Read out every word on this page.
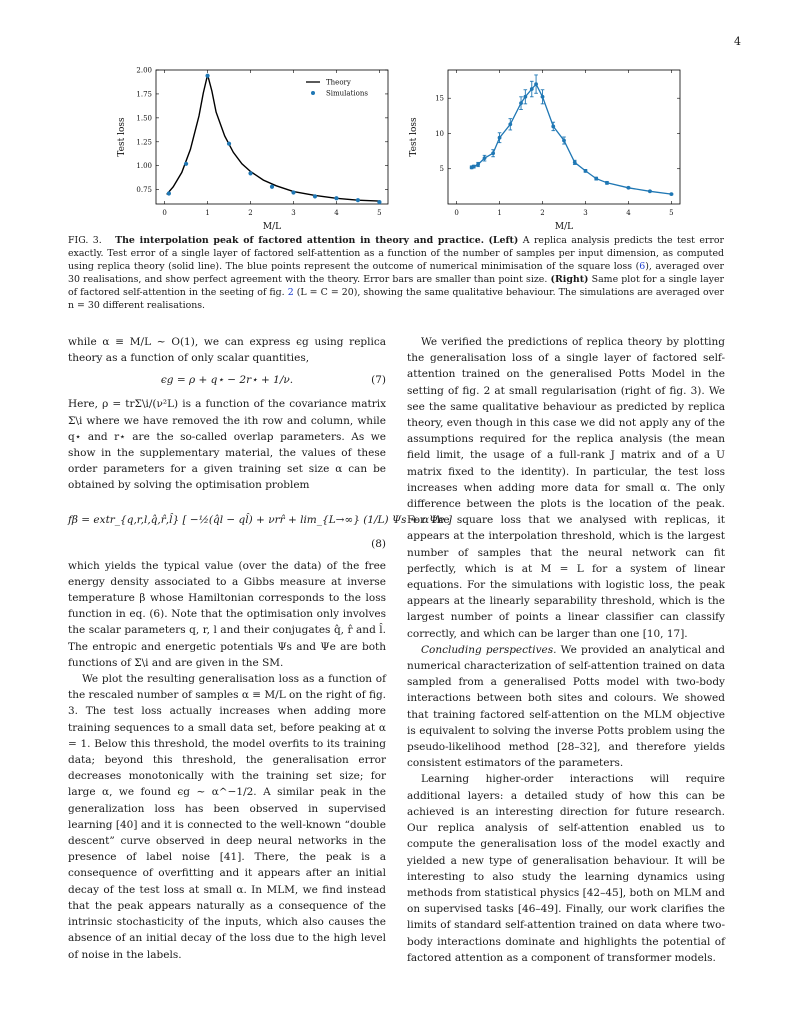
4
0	1	2	3	4	5
0.75
1.00
1.25
1.50
1.75
2.00
M/L
Test loss
Theory
Simulations
0	1	2	3	4	5
5
10
15
M/L
Test loss
FIG. 3. The interpolation peak of factored attention in theory and practice. (Left) A replica analysis predicts the test error exactly. Test error of a single layer of factored self-attention as a function of the number of samples per input dimension, as computed using replica theory (solid line). The blue points represent the outcome of numerical minimisation of the square loss (6), averaged over 30 realisations, and show perfect agreement with the theory. Error bars are smaller than point size. (Right) Same plot for a single layer of factored self-attention in the seeting of fig. 2 (L = C = 20), showing the same qualitative behaviour. The simulations are averaged over n = 30 different realisations.

while α ≡ M/L ∼ O(1), we can express ϵg using replica theory as a function of only scalar quantities,

ϵg = ρ + q⋆ − 2r⋆ + 1/ν.	(7)

Here, ρ = trΣ\i/(ν²L) is a function of the covariance matrix Σ\i where we have removed the ith row and column, while q⋆ and r⋆ are the so-called overlap parameters. As we show in the supplementary material, the values of these order parameters for a given training set size α can be obtained by solving the optimisation problem

fβ = extr_{q,r,l,q̂,r̂,l̂} [ −½(q̂l − ql̂) + νrr̂ + lim_{L→∞} (1/L) Ψs + αΨe ]
(8)

which yields the typical value (over the data) of the free energy density associated to a Gibbs measure at inverse temperature β whose Hamiltonian corresponds to the loss function in eq. (6). Note that the optimisation only involves the scalar parameters q, r, l and their conjugates q̂, r̂ and l̂. The entropic and energetic potentials Ψs and Ψe are both functions of Σ\i and are given in the SM.

We plot the resulting generalisation loss as a function of the rescaled number of samples α ≡ M/L on the right of fig. 3. The test loss actually increases when adding more training sequences to a small data set, before peaking at α = 1. Below this threshold, the model overfits to its training data; beyond this threshold, the generalisation error decreases monotonically with the training set size; for large α, we found ϵg ∼ α^−1/2. A similar peak in the generalization loss has been observed in supervised learning [40] and it is connected to the well-known “double descent” curve observed in deep neural networks in the presence of label noise [41]. There, the peak is a consequence of overfitting and it appears after an initial decay of the test loss at small α. In MLM, we find instead that the peak appears naturally as a consequence of the intrinsic stochasticity of the inputs, which also causes the absence of an initial decay of the loss due to the high level of noise in the labels.

We verified the predictions of replica theory by plotting the generalisation loss of a single layer of factored self-attention trained on the generalised Potts Model in the setting of fig. 2 at small regularisation (right of fig. 3). We see the same qualitative behaviour as predicted by replica theory, even though in this case we did not apply any of the assumptions required for the replica analysis (the mean field limit, the usage of a full-rank J matrix and of a U matrix fixed to the identity). In particular, the test loss increases when adding more data for small α. The only difference between the plots is the location of the peak. For the square loss that we analysed with replicas, it appears at the interpolation threshold, which is the largest number of samples that the neural network can fit perfectly, which is at M = L for a system of linear equations. For the simulations with logistic loss, the peak appears at the linearly separability threshold, which is the largest number of points a linear classifier can classify correctly, and which can be larger than one [10, 17].

Concluding perspectives. We provided an analytical and numerical characterization of self-attention trained on data sampled from a generalised Potts model with two-body interactions between both sites and colours. We showed that training factored self-attention on the MLM objective is equivalent to solving the inverse Potts problem using the pseudo-likelihood method [28–32], and therefore yields consistent estimators of the parameters.

Learning higher-order interactions will require additional layers: a detailed study of how this can be achieved is an interesting direction for future research. Our replica analysis of self-attention enabled us to compute the generalisation loss of the model exactly and yielded a new type of generalisation behaviour. It will be interesting to also study the learning dynamics using methods from statistical physics [42–45], both on MLM and on supervised tasks [46–49]. Finally, our work clarifies the limits of standard self-attention trained on data where two-body interactions dominate and highlights the potential of factored attention as a component of transformer models.
